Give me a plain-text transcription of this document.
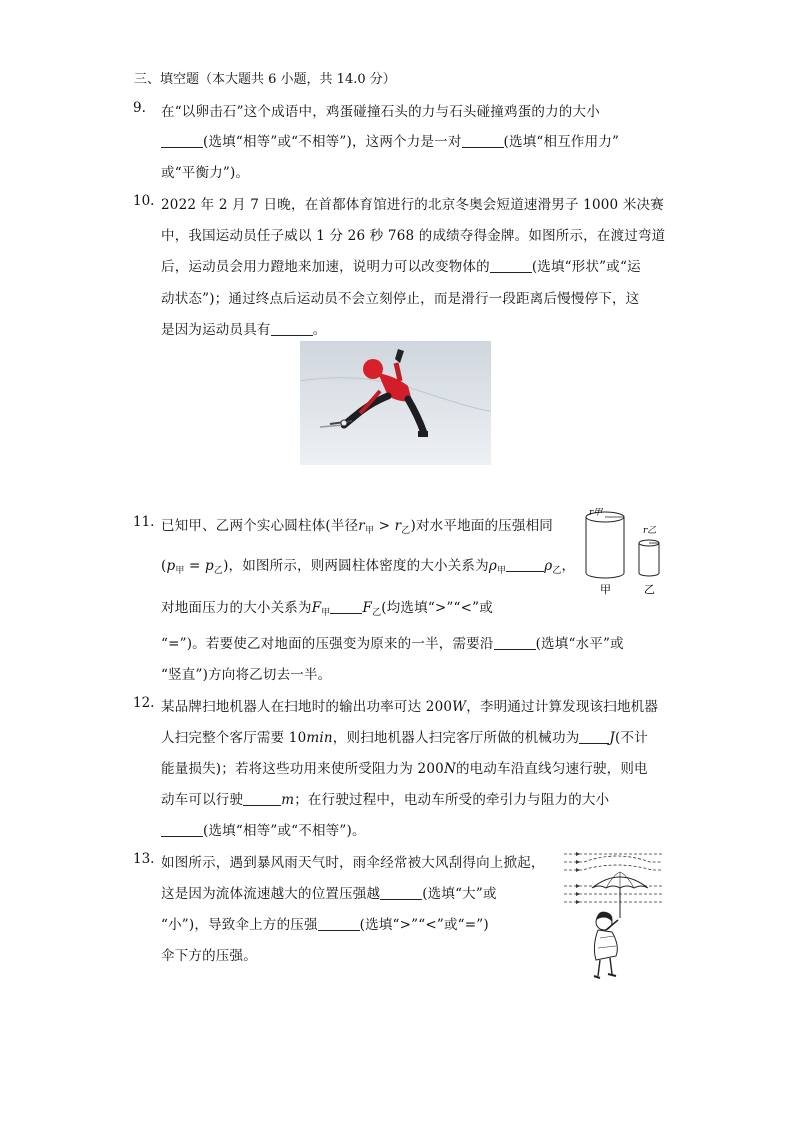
三、填空题（本大题共 6 小题，共 14.0 分）
9. 在“以卵击石”这个成语中，鸡蛋碰撞石头的力与石头碰撞鸡蛋的力的大小
(选填“相等”或“不相等”)，这两个力是一对	(选填“相互作用力”
或“平衡力”)。
10. 2022 年 2 月 7 日晚，在首都体育馆进行的北京冬奥会短道速滑男子 1000 米决赛
中，我国运动员任子威以 1 分 26 秒 768 的成绩夺得金牌。如图所示，在渡过弯道
后，运动员会用力蹬地来加速，说明力可以改变物体的	(选填“形状”或“运
动状态”)；通过终点后运动员不会立刻停止，而是滑行一段距离后慢慢停下，这
是因为运动员具有	。
11. 已知甲、乙两个实心圆柱体(半径$r_甲 > r_乙$)对水平地面的压强相同
$(p_甲 = p_乙)$，如图所示，则两圆柱体密度的大小关系为$\rho_甲$	$\rho_乙$，
对地面压力的大小关系为$F_甲$ $F_乙$(均选填“>”“<”或
“=”)。若要使乙对地面的压强变为原来的一半，需要沿	(选填“水平”或
“竖直”)方向将乙切去一半。
r甲
r乙
甲	乙
12. 某品牌扫地机器人在扫地时的输出功率可达 200W，李明通过计算发现该扫地机器
人扫完整个客厅需要 10min，则扫地机器人扫完客厅所做的机械功为 J(不计
能量损失)；若将这些功用来使所受阻力为 200N的电动车沿直线匀速行驶，则电
动车可以行驶	m；在行驶过程中，电动车所受的牵引力与阻力的大小
(选填“相等”或“不相等”)。
13. 如图所示，遇到暴风雨天气时，雨伞经常被大风刮得向上掀起，
这是因为流体流速越大的位置压强越	(选填“大”或
“小”)，导致伞上方的压强	(选填“>”“<”或“=”)
伞下方的压强。
